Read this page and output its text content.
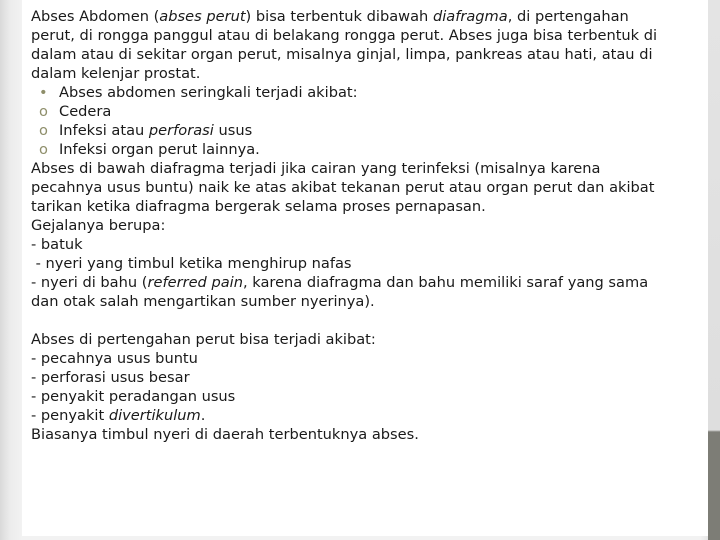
Abses Abdomen (abses perut) bisa terbentuk dibawah diafragma, di pertengahan
perut, di rongga panggul atau di belakang rongga perut. Abses juga bisa terbentuk di
dalam atau di sekitar organ perut, misalnya ginjal, limpa, pankreas atau hati, atau di
dalam kelenjar prostat.
• Abses abdomen seringkali terjadi akibat:
o Cedera
o Infeksi atau perforasi usus
o Infeksi organ perut lainnya.
Abses di bawah diafragma terjadi jika cairan yang terinfeksi (misalnya karena
pecahnya usus buntu) naik ke atas akibat tekanan perut atau organ perut dan akibat
tarikan ketika diafragma bergerak selama proses pernapasan.
Gejalanya berupa:
- batuk
- nyeri yang timbul ketika menghirup nafas
- nyeri di bahu (referred pain, karena diafragma dan bahu memiliki saraf yang sama
dan otak salah mengartikan sumber nyerinya).
Abses di pertengahan perut bisa terjadi akibat:
- pecahnya usus buntu
- perforasi usus besar
- penyakit peradangan usus
- penyakit divertikulum.
Biasanya timbul nyeri di daerah terbentuknya abses.
